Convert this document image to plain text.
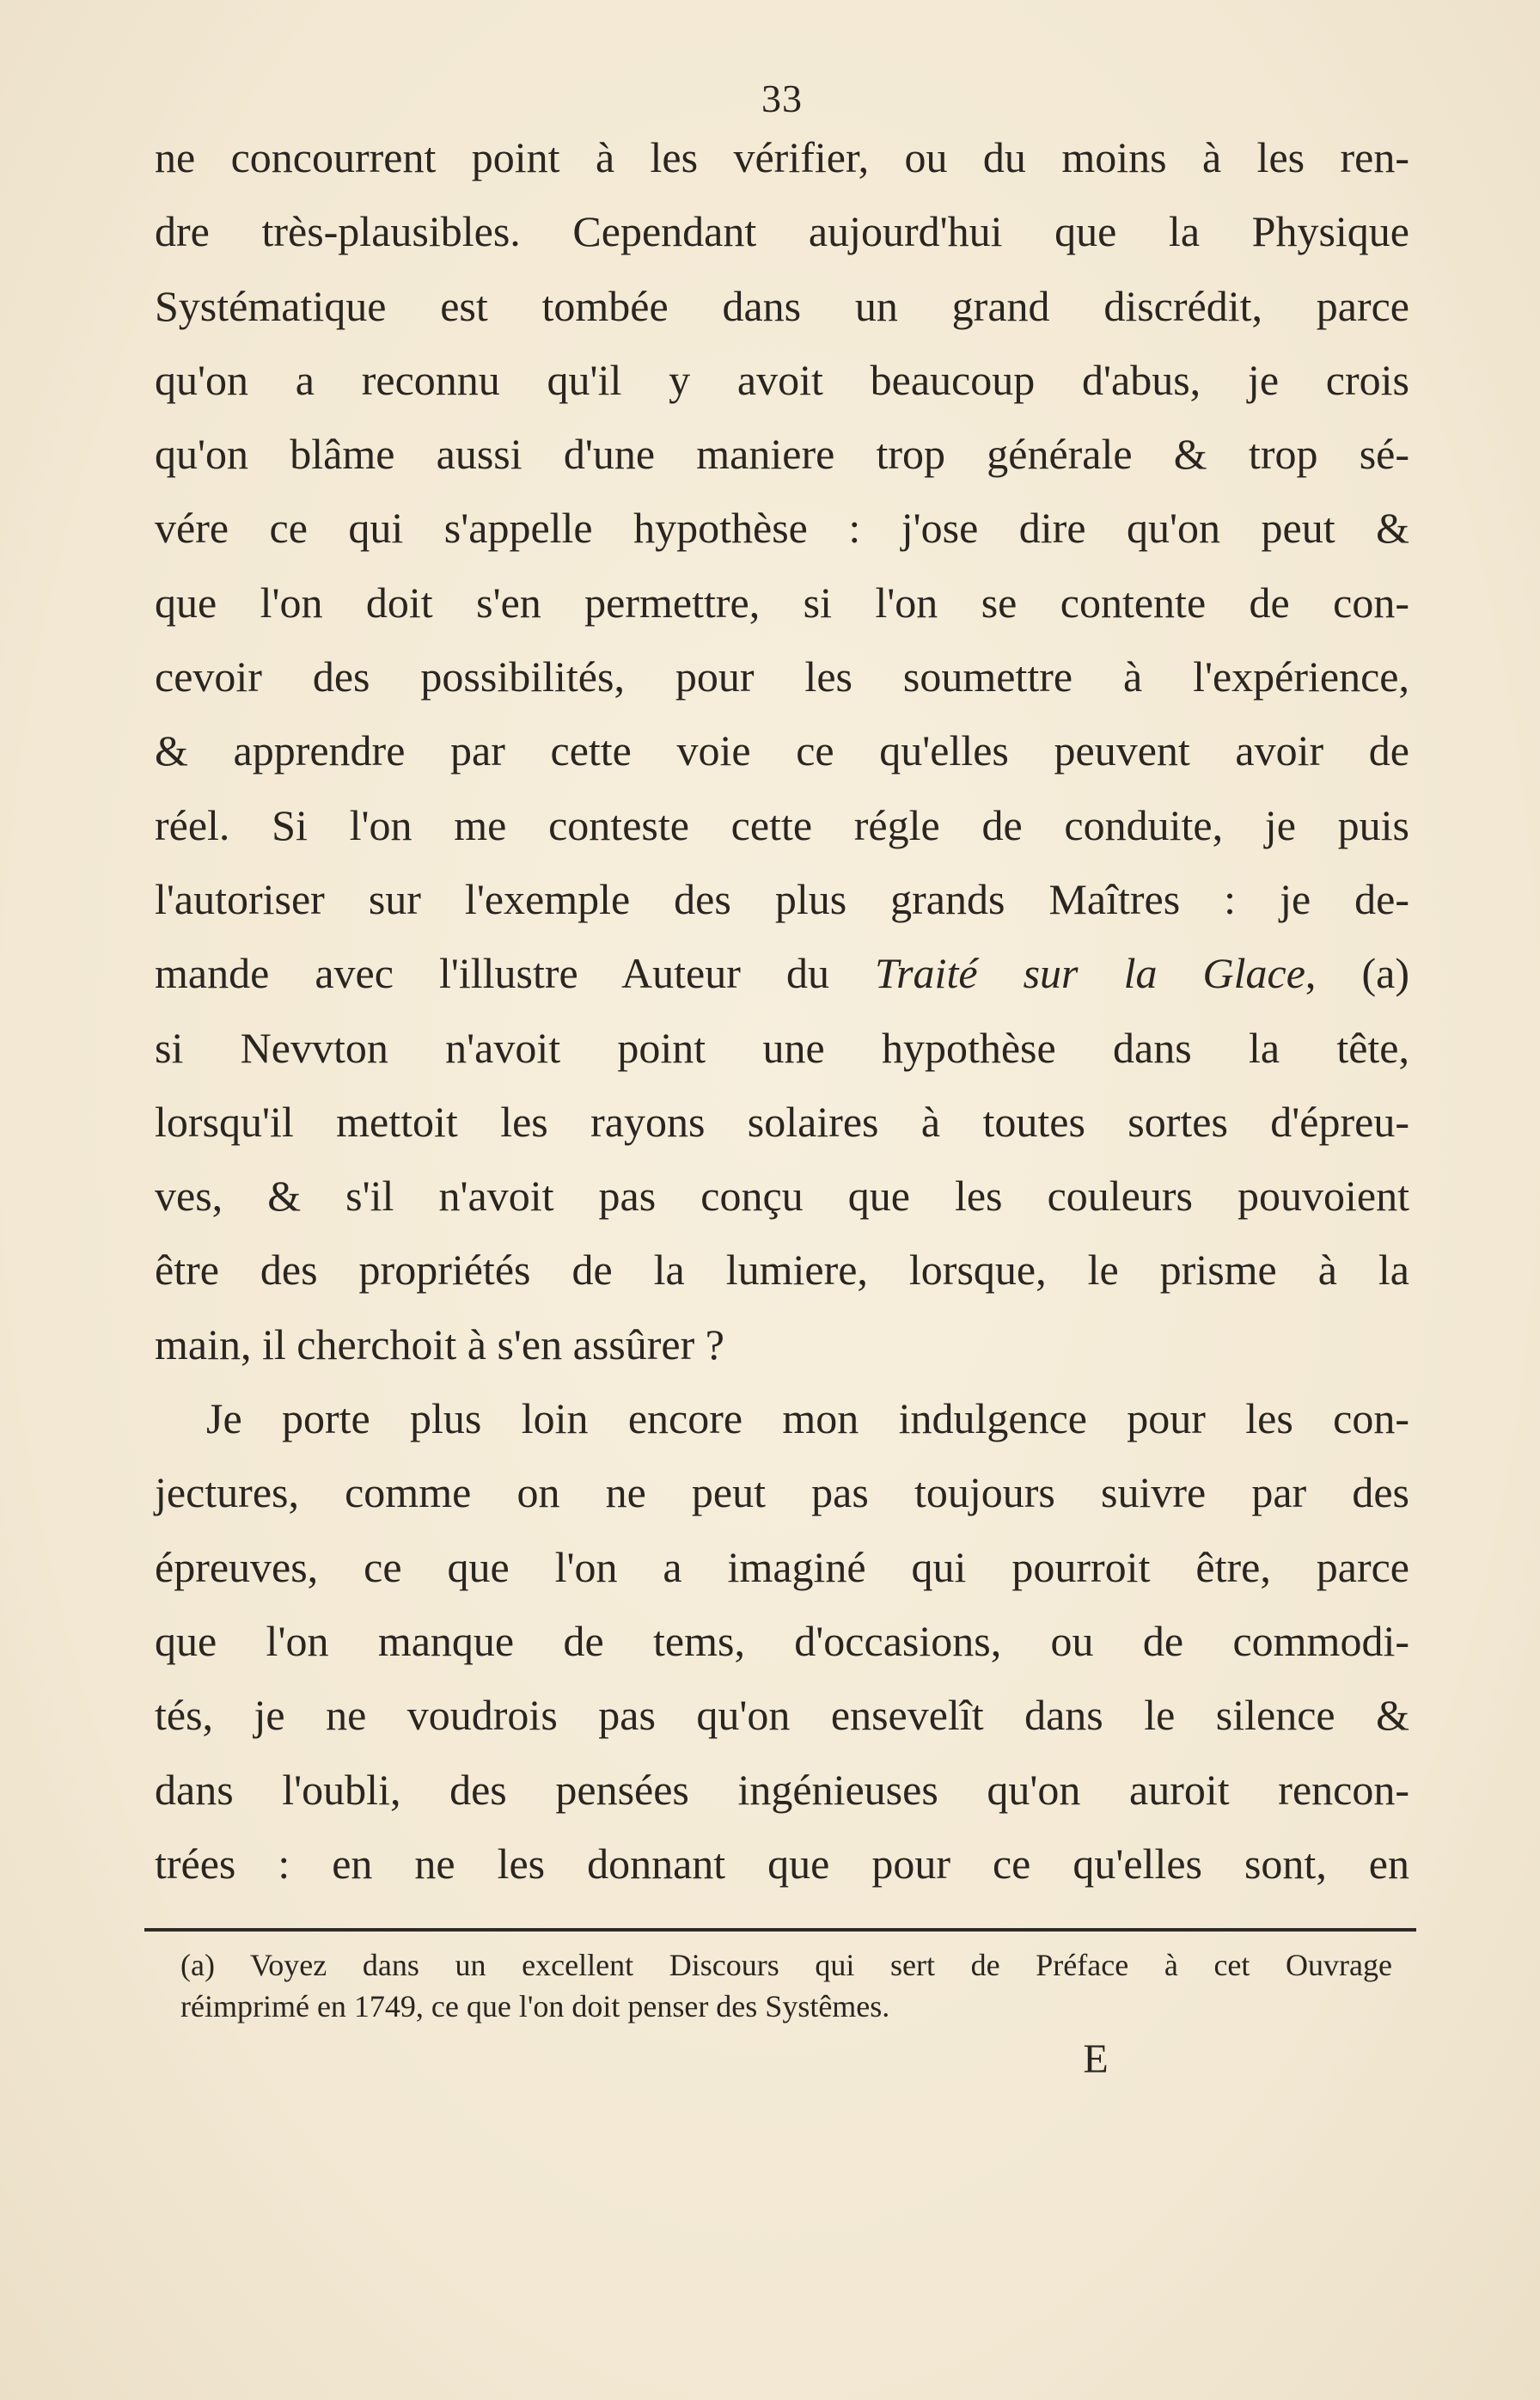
33
ne concourrent point à les vérifier, ou du moins à les ren-
dre très-plausibles. Cependant aujourd'hui que la Physique
Systématique est tombée dans un grand discrédit, parce
qu'on a reconnu qu'il y avoit beaucoup d'abus, je crois
qu'on blâme aussi d'une maniere trop générale & trop sé-
vére ce qui s'appelle hypothèse : j'ose dire qu'on peut &
que l'on doit s'en permettre, si l'on se contente de con-
cevoir des possibilités, pour les soumettre à l'expérience,
& apprendre par cette voie ce qu'elles peuvent avoir de
réel. Si l'on me conteste cette régle de conduite, je puis
l'autoriser sur l'exemple des plus grands Maîtres : je de-
mande avec l'illustre Auteur du Traité sur la Glace, (a)
si Nevvton n'avoit point une hypothèse dans la tête,
lorsqu'il mettoit les rayons solaires à toutes sortes d'épreu-
ves, & s'il n'avoit pas conçu que les couleurs pouvoient
être des propriétés de la lumiere, lorsque, le prisme à la
main, il cherchoit à s'en assûrer ?
Je porte plus loin encore mon indulgence pour les con-
jectures, comme on ne peut pas toujours suivre par des
épreuves, ce que l'on a imaginé qui pourroit être, parce
que l'on manque de tems, d'occasions, ou de commodi-
tés, je ne voudrois pas qu'on ensevelît dans le silence &
dans l'oubli, des pensées ingénieuses qu'on auroit rencon-
trées : en ne les donnant que pour ce qu'elles sont, en
(a) Voyez dans un excellent Discours qui sert de Préface à cet Ouvrage
réimprimé en 1749, ce que l'on doit penser des Systêmes.
E
